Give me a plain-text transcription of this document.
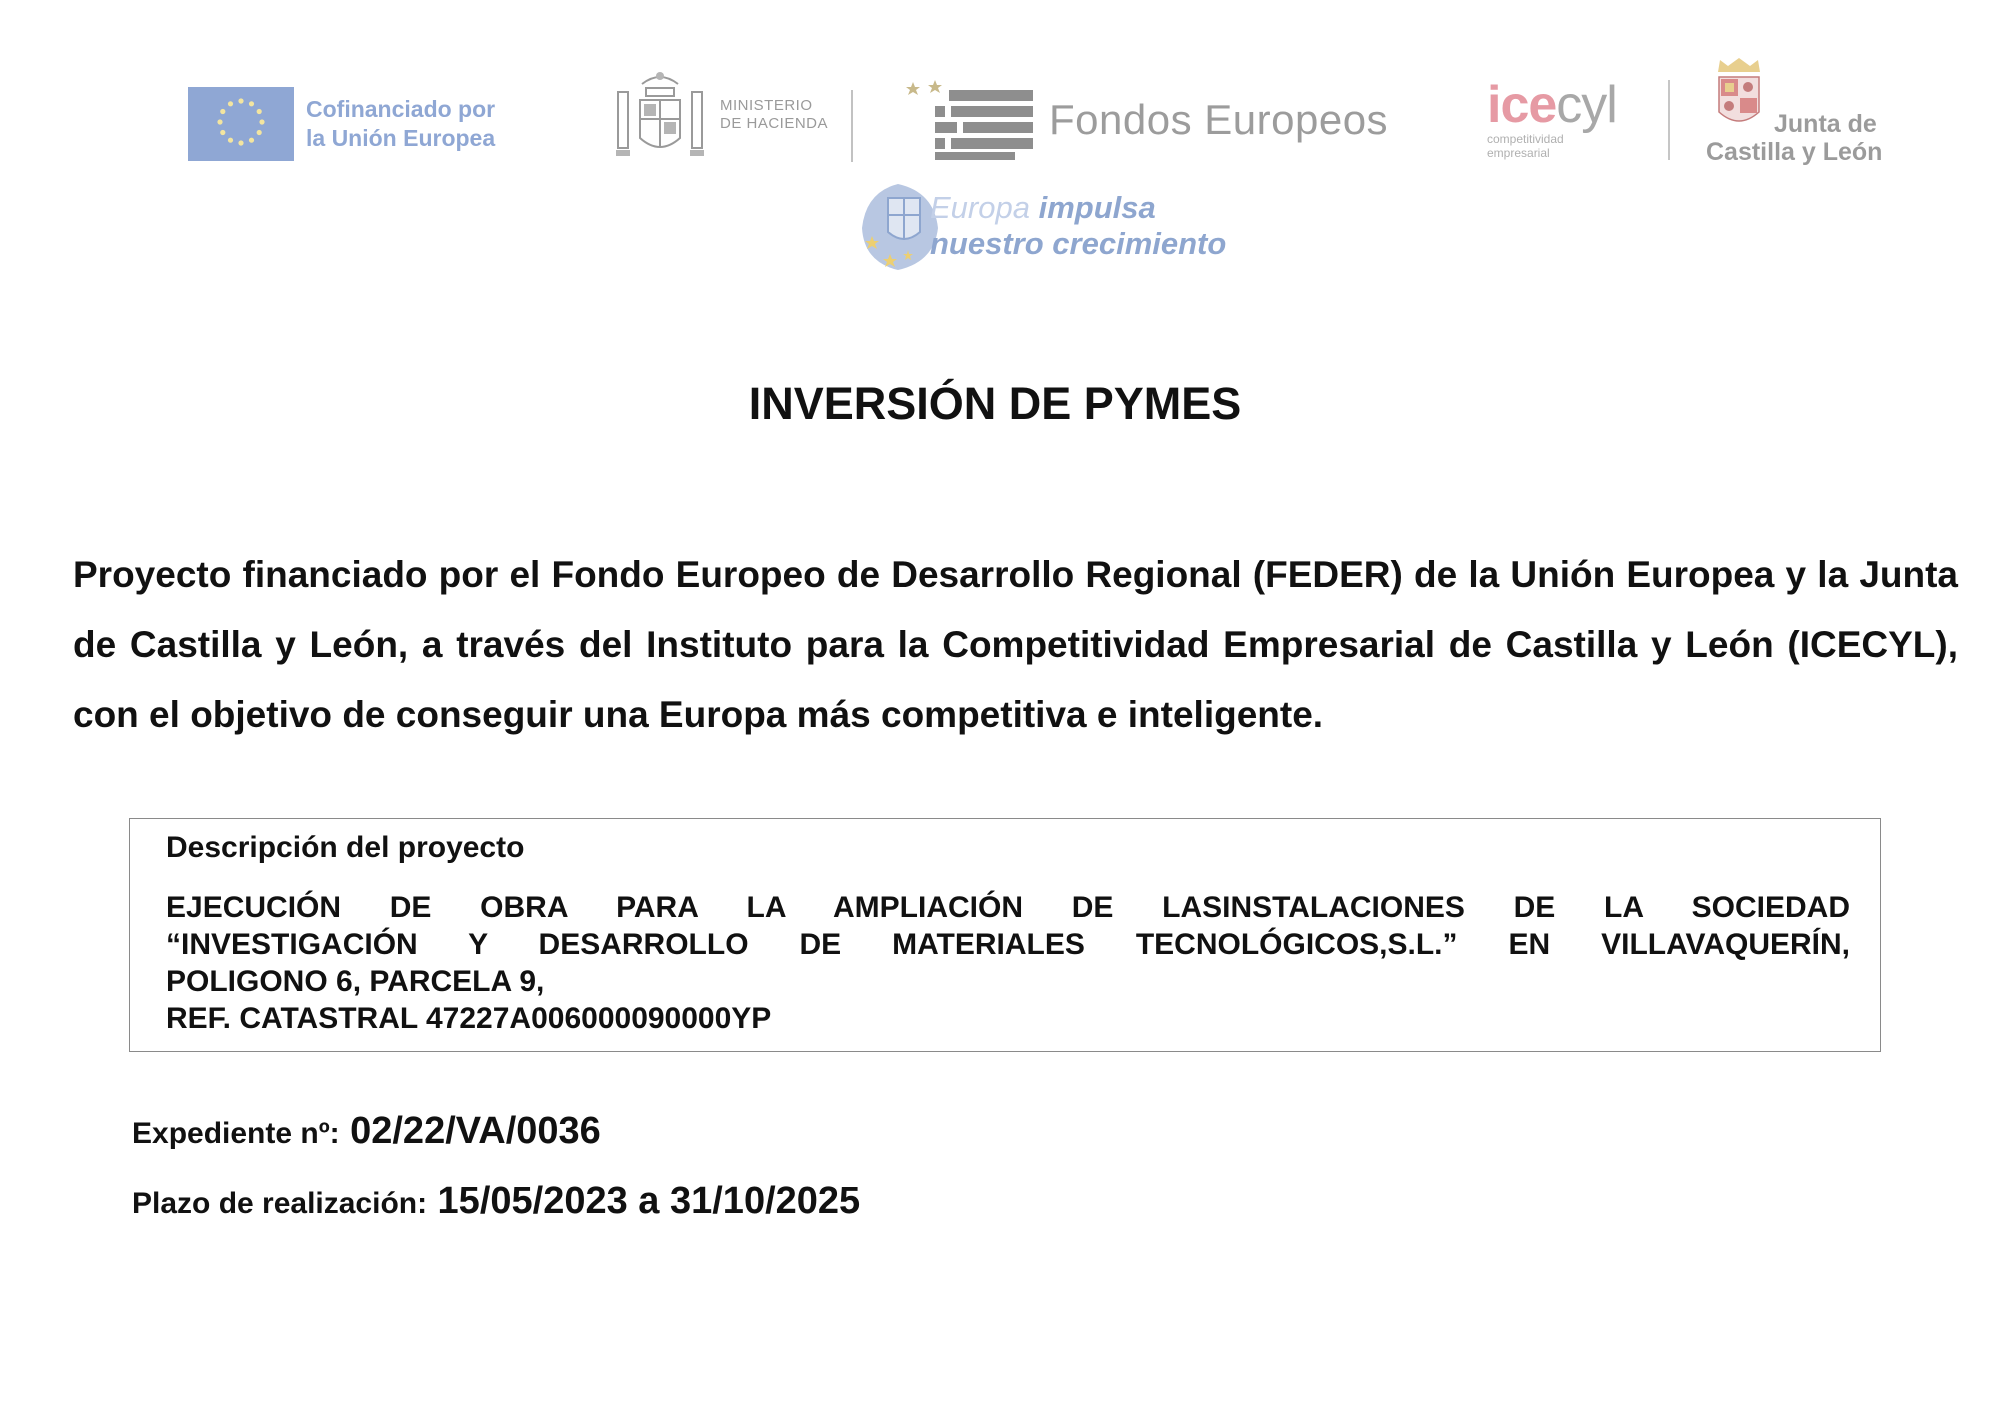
Cofinanciado por
la Unión Europea
MINISTERIO
DE HACIENDA	Fondos Europeos icecyl
competitividad
empresarial
Junta de
Castilla y León
Europa impulsa
nuestro crecimiento
INVERSIÓN DE PYMES
Proyecto financiado por el Fondo Europeo de Desarrollo Regional (FEDER) de la Unión Europea y la Junta de Castilla y León, a través del Instituto para la Competitividad Empresarial de Castilla y León (ICECYL), con el objetivo de conseguir una Europa más competitiva e inteligente.
Descripción del proyecto
EJECUCIÓN DE OBRA PARA LA AMPLIACIÓN DE LASINSTALACIONES DE LA SOCIEDAD
“INVESTIGACIÓN Y DESARROLLO DE MATERIALES TECNOLÓGICOS,S.L.” EN VILLAVAQUERÍN,
POLIGONO 6, PARCELA 9,
REF. CATASTRAL 47227A006000090000YP
Expediente nº: 02/22/VA/0036
Plazo de realización: 15/05/2023 a 31/10/2025
